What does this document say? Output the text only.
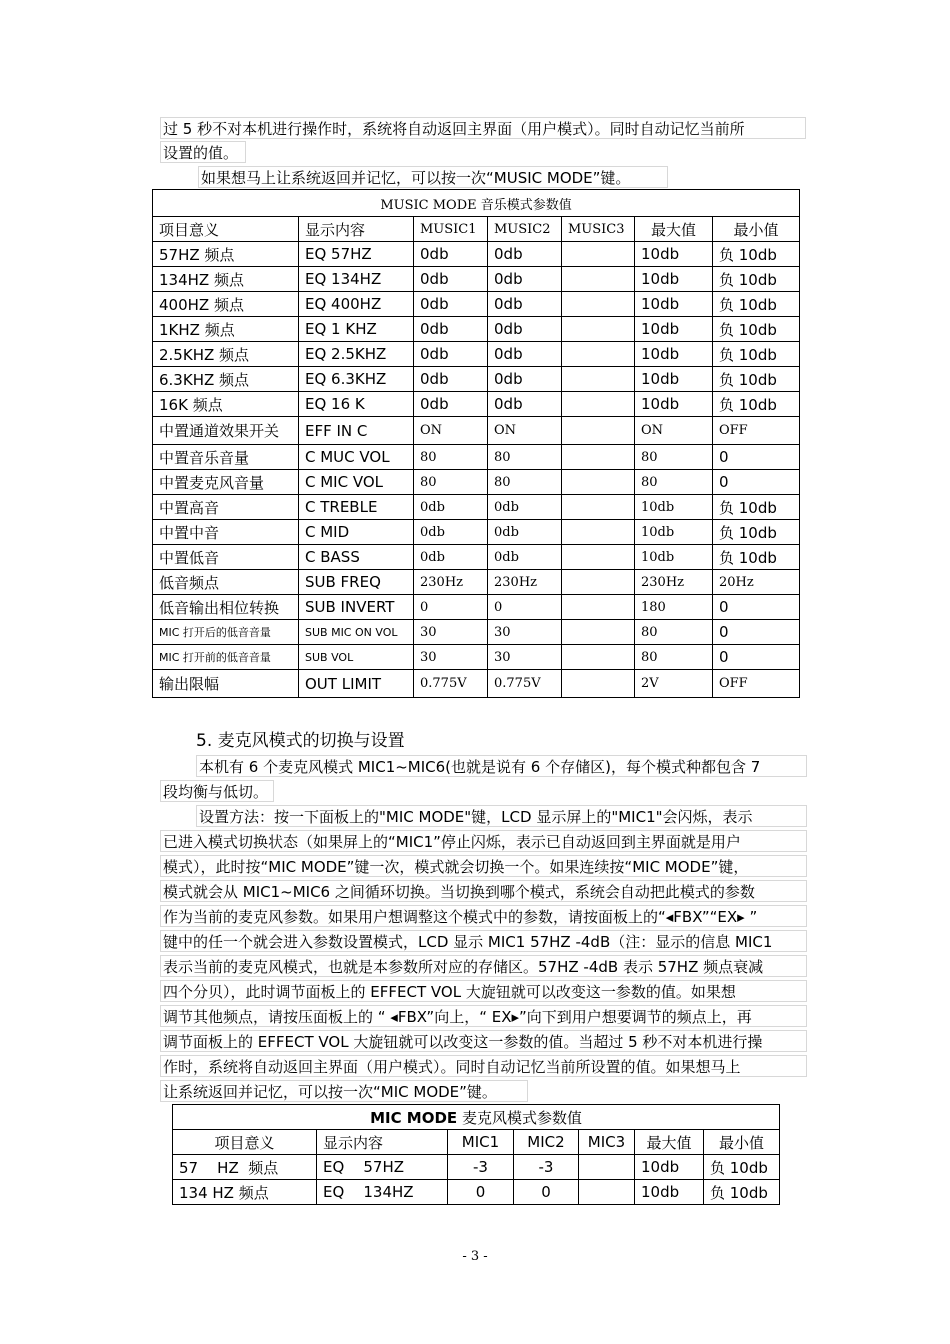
过 5 秒不对本机进行操作时，系统将自动返回主界面（用户模式）。同时自动记忆当前所
设置的值。
如果想马上让系统返回并记忆，可以按一次“MUSIC MODE”键。
MUSIC MODE 音乐模式参数值						
项目意义	显示内容	MUSIC1	MUSIC2	MUSIC3	最大值	最小值
57HZ 频点	EQ 57HZ	0db	0db		10db	负 10db
134HZ 频点	EQ 134HZ	0db	0db		10db	负 10db
400HZ 频点	EQ 400HZ	0db	0db		10db	负 10db
1KHZ 频点	EQ 1 KHZ	0db	0db		10db	负 10db
2.5KHZ 频点	EQ 2.5KHZ	0db	0db		10db	负 10db
6.3KHZ 频点	EQ 6.3KHZ	0db	0db		10db	负 10db
16K 频点	EQ 16 K	0db	0db		10db	负 10db
中置通道效果开关	EFF IN C	ON	ON		ON	OFF
中置音乐音量	C MUC VOL	80	80		80	0
中置麦克风音量	C MIC VOL	80	80		80	0
中置高音	C TREBLE	0db	0db		10db	负 10db
中置中音	C MID	0db	0db		10db	负 10db
中置低音	C BASS	0db	0db		10db	负 10db
低音频点	SUB FREQ	230Hz	230Hz		230Hz	20Hz
低音输出相位转换	SUB INVERT	0	0		180	0
MIC 打开后的低音音量	SUB MIC ON VOL	30	30		80	0
MIC 打开前的低音音量	SUB VOL	30	30		80	0
输出限幅	OUT LIMIT	0.775V	0.775V		2V	OFF
5. 麦克风模式的切换与设置
本机有 6 个麦克风模式 MIC1~MIC6(也就是说有 6 个存储区)，每个模式种都包含 7
段均衡与低切。
设置方法：按一下面板上的"MIC MODE"键，LCD 显示屏上的"MIC1"会闪烁，表示
已进入模式切换状态（如果屏上的“MIC1”停止闪烁，表示已自动返回到主界面就是用户
模式），此时按“MIC MODE”键一次，模式就会切换一个。如果连续按“MIC MODE”键，
模式就会从 MIC1~MIC6 之间循环切换。当切换到哪个模式，系统会自动把此模式的参数
作为当前的麦克风参数。如果用户想调整这个模式中的参数，请按面板上的“◂FBX”“EX▸ ”
键中的任一个就会进入参数设置模式，LCD 显示 MIC1 57HZ -4dB（注：显示的信息 MIC1
表示当前的麦克风模式，也就是本参数所对应的存储区。57HZ -4dB 表示 57HZ 频点衰减
四个分贝），此时调节面板上的 EFFECT VOL 大旋钮就可以改变这一参数的值。如果想
调节其他频点，请按压面板上的 “ ◂FBX”向上，“ EX▸”向下到用户想要调节的频点上，再
调节面板上的 EFFECT VOL 大旋钮就可以改变这一参数的值。当超过 5 秒不对本机进行操
作时，系统将自动返回主界面（用户模式）。同时自动记忆当前所设置的值。如果想马上
让系统返回并记忆，可以按一次“MIC MODE”键。
MIC MODE 麦克风模式参数值						
项目意义	显示内容	MIC1	MIC2	MIC3	最大值	最小值
57    HZ  频点	EQ    57HZ	-3	-3		10db	负 10db
134 HZ 频点	EQ    134HZ	0	0		10db	负 10db
- 3 -
